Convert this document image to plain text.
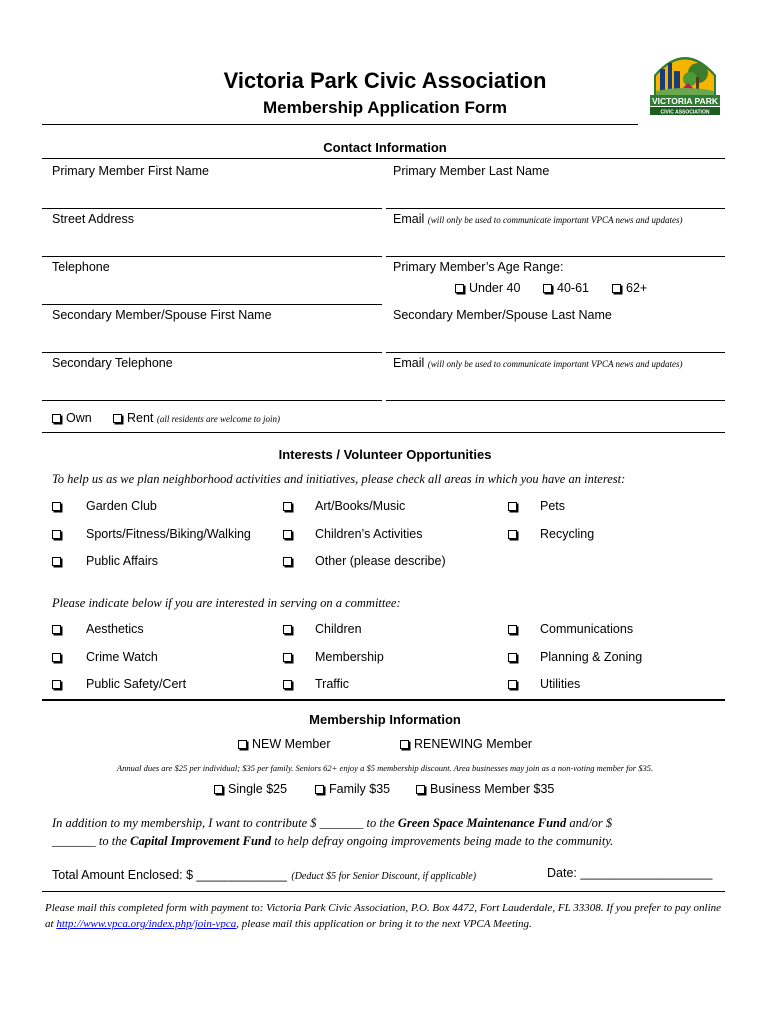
Victoria Park Civic Association
Membership Application Form	VICTORIA PARK
CIVIC ASSOCIATION
Contact Information
Primary Member First Name	Primary Member Last Name
Street Address	Email (will only be used to communicate important VPCA news and updates)
Telephone	Primary Member’s Age Range:
Under 40	40-61	62+
Secondary Member/Spouse First Name	Secondary Member/Spouse Last Name
Secondary Telephone	Email (will only be used to communicate important VPCA news and updates)
Own	Rent (all residents are welcome to join)
Interests / Volunteer Opportunities
To help us as we plan neighborhood activities and initiatives, please check all areas in which you have an interest:
Garden Club	Art/Books/Music	Pets
Sports/Fitness/Biking/Walking	Children’s Activities	Recycling
Public Affairs	Other (please describe)
Please indicate below if you are interested in serving on a committee:
Aesthetics	Children	Communications
Crime Watch	Membership	Planning & Zoning
Public Safety/Cert	Traffic	Utilities
Membership Information
NEW Member	RENEWING Member
Annual dues are $25 per individual; $35 per family. Seniors 62+ enjoy a $5 membership discount. Area businesses may join as a non-voting member for $35.
Single $25	Family $35	Business Member $35
In addition to my membership, I want to contribute $ _______ to the Green Space Maintenance Fund and/or $
_______ to the Capital Improvement Fund to help defray ongoing improvements being made to the community.
Total Amount Enclosed: $ _____________ (Deduct $5 for Senior Discount, if applicable)	Date: ___________________
Please mail this completed form with payment to: Victoria Park Civic Association, P.O. Box 4472, Fort Lauderdale, FL 33308. If you prefer to pay online at http://www.vpca.org/index.php/join-vpca, please mail this application or bring it to the next VPCA Meeting.
